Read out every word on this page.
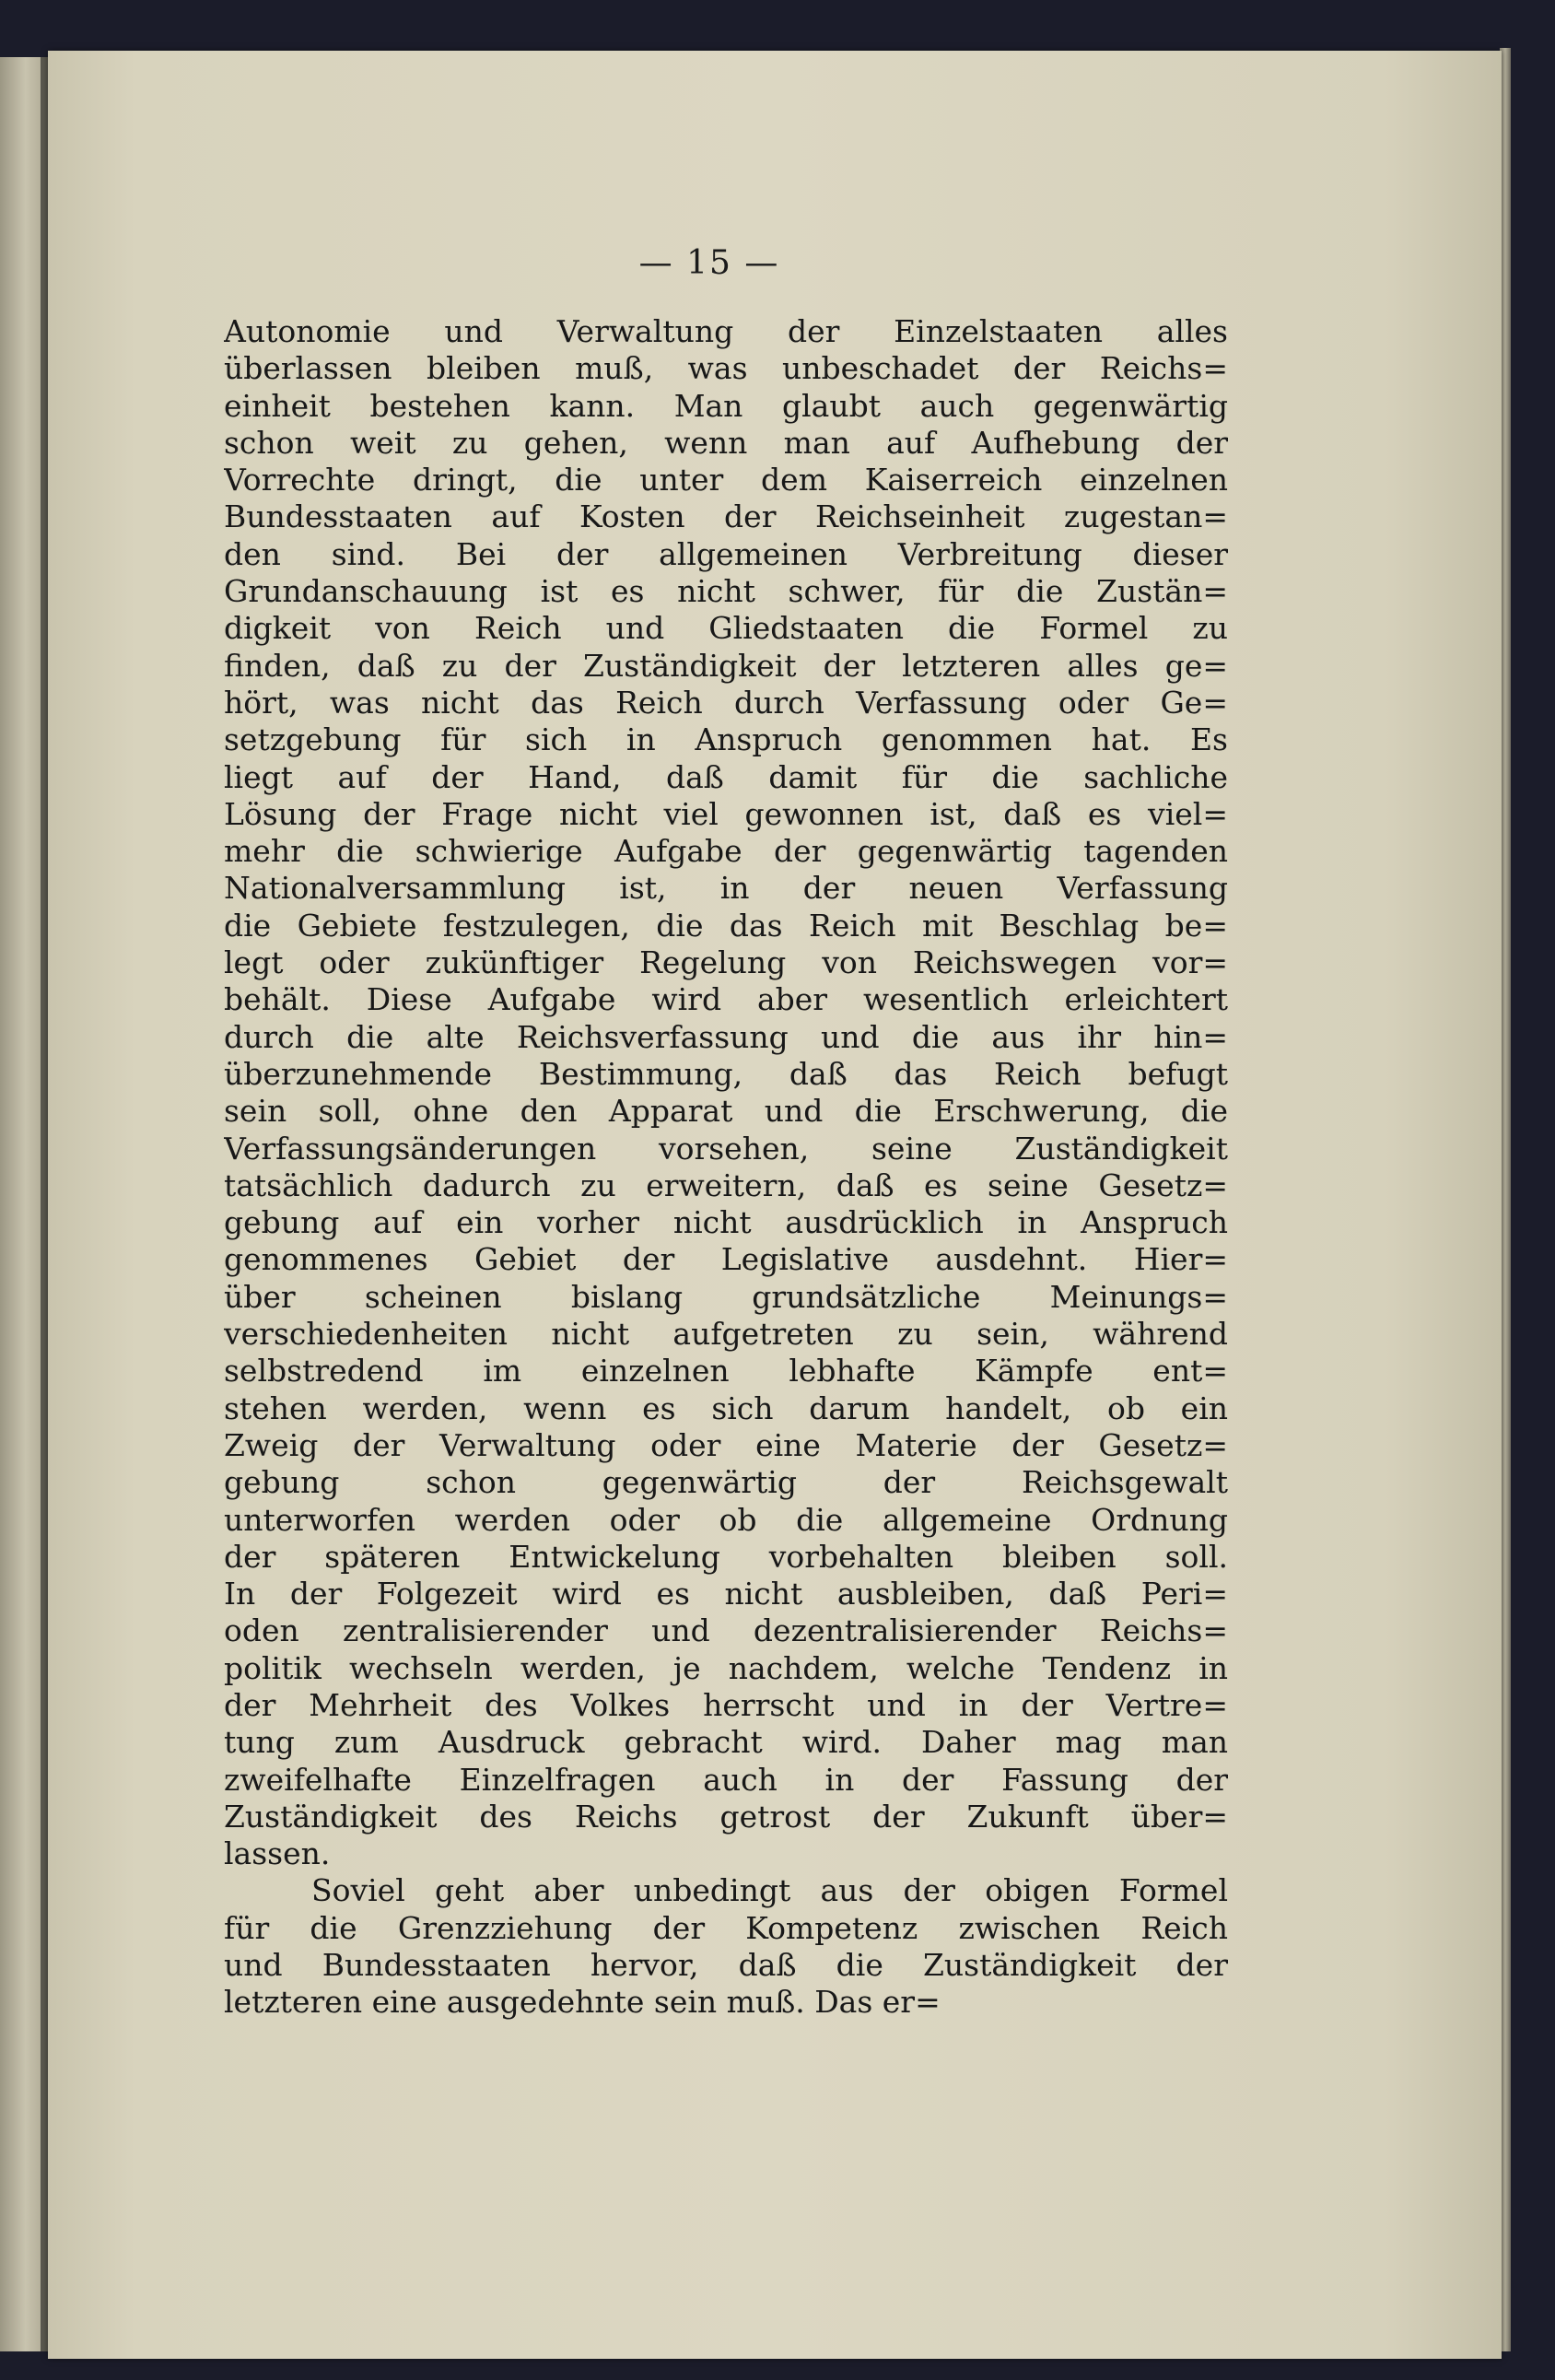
— 15 —
Autonomie und Verwaltung der Einzelstaaten alles
überlassen bleiben muß, was unbeschadet der Reichs=
einheit bestehen kann. Man glaubt auch gegenwärtig
schon weit zu gehen, wenn man auf Aufhebung der
Vorrechte dringt, die unter dem Kaiserreich einzelnen
Bundesstaaten auf Kosten der Reichseinheit zugestan=
den sind. Bei der allgemeinen Verbreitung dieser
Grundanschauung ist es nicht schwer, für die Zustän=
digkeit von Reich und Gliedstaaten die Formel zu
finden, daß zu der Zuständigkeit der letzteren alles ge=
hört, was nicht das Reich durch Verfassung oder Ge=
setzgebung für sich in Anspruch genommen hat. Es
liegt auf der Hand, daß damit für die sachliche
Lösung der Frage nicht viel gewonnen ist, daß es viel=
mehr die schwierige Aufgabe der gegenwärtig tagenden
Nationalversammlung ist, in der neuen Verfassung
die Gebiete festzulegen, die das Reich mit Beschlag be=
legt oder zukünftiger Regelung von Reichswegen vor=
behält. Diese Aufgabe wird aber wesentlich erleichtert
durch die alte Reichsverfassung und die aus ihr hin=
überzunehmende Bestimmung, daß das Reich befugt
sein soll, ohne den Apparat und die Erschwerung, die
Verfassungsänderungen vorsehen, seine Zuständigkeit
tatsächlich dadurch zu erweitern, daß es seine Gesetz=
gebung auf ein vorher nicht ausdrücklich in Anspruch
genommenes Gebiet der Legislative ausdehnt. Hier=
über scheinen bislang grundsätzliche Meinungs=
verschiedenheiten nicht aufgetreten zu sein, während
selbstredend im einzelnen lebhafte Kämpfe ent=
stehen werden, wenn es sich darum handelt, ob ein
Zweig der Verwaltung oder eine Materie der Gesetz=
gebung schon gegenwärtig der Reichsgewalt
unterworfen werden oder ob die allgemeine Ordnung
der späteren Entwickelung vorbehalten bleiben soll.
In der Folgezeit wird es nicht ausbleiben, daß Peri=
oden zentralisierender und dezentralisierender Reichs=
politik wechseln werden, je nachdem, welche Tendenz in
der Mehrheit des Volkes herrscht und in der Vertre=
tung zum Ausdruck gebracht wird. Daher mag man
zweifelhafte Einzelfragen auch in der Fassung der
Zuständigkeit des Reichs getrost der Zukunft über=
lassen.
Soviel geht aber unbedingt aus der obigen Formel
für die Grenzziehung der Kompetenz zwischen Reich
und Bundesstaaten hervor, daß die Zuständigkeit der
letzteren eine ausgedehnte sein muß. Das er=
